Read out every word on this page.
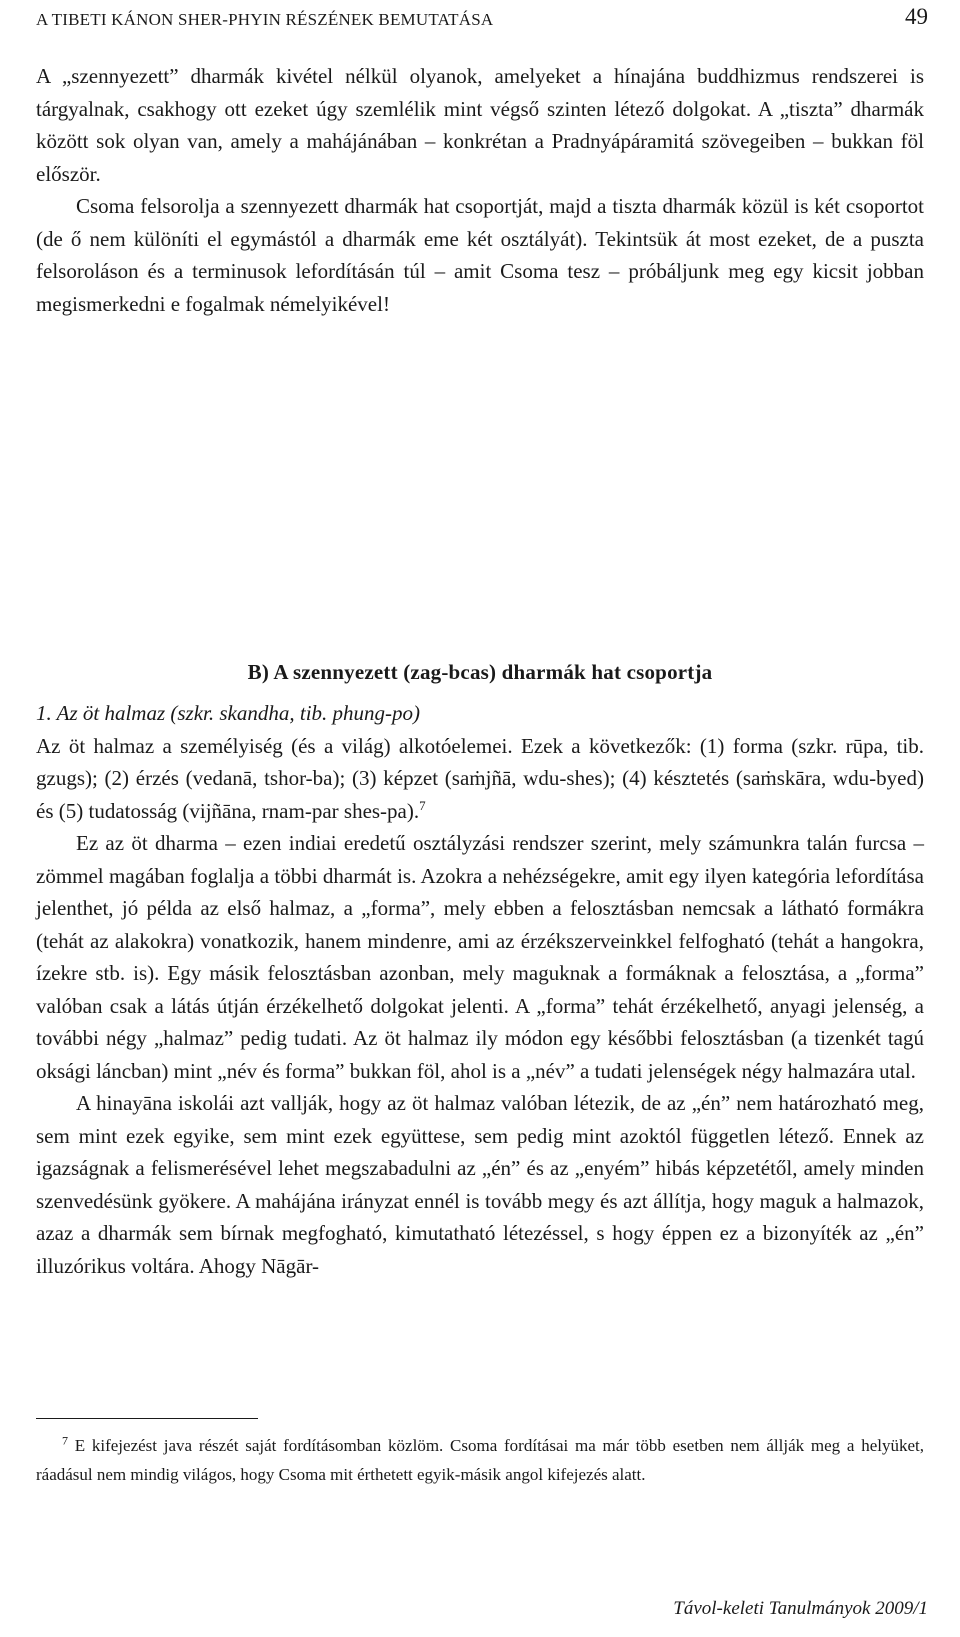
A TIBETI KÁNON SHER-PHYIN RÉSZÉNEK BEMUTATÁSA	49

A „szennyezett” dharmák kivétel nélkül olyanok, amelyeket a hínajána buddhizmus rendszerei is tárgyalnak, csakhogy ott ezeket úgy szemlélik mint végső szinten létező dolgokat. A „tiszta” dharmák között sok olyan van, amely a mahájánában – konkrétan a Pradnyápáramitá szövegeiben – bukkan föl először.

Csoma felsorolja a szennyezett dharmák hat csoportját, majd a tiszta dharmák közül is két csoportot (de ő nem különíti el egymástól a dharmák eme két osztályát). Tekintsük át most ezeket, de a puszta felsoroláson és a terminusok lefordításán túl – amit Csoma tesz – próbáljunk meg egy kicsit jobban megismerkedni e fogalmak némelyikével!

B) A szennyezett (zag-bcas) dharmák hat csoportja

1. Az öt halmaz (szkr. skandha, tib. phung-po)

Az öt halmaz a személyiség (és a világ) alkotóelemei. Ezek a következők: (1) forma (szkr. rūpa, tib. gzugs); (2) érzés (vedanā, tshor-ba); (3) képzet (saṁjñā, wdu-shes); (4) késztetés (saṁskāra, wdu-byed) és (5) tudatosság (vijñāna, rnam-par shes-pa).$^7$

Ez az öt dharma – ezen indiai eredetű osztályzási rendszer szerint, mely számunkra talán furcsa – zömmel magában foglalja a többi dharmát is. Azokra a nehézségekre, amit egy ilyen kategória lefordítása jelenthet, jó példa az első halmaz, a „forma”, mely ebben a felosztásban nemcsak a látható formákra (tehát az alakokra) vonatkozik, hanem mindenre, ami az érzékszerveinkkel felfogható (tehát a hangokra, ízekre stb. is). Egy másik felosztásban azonban, mely maguknak a formáknak a felosztása, a „forma” valóban csak a látás útján érzékelhető dolgokat jelenti. A „forma” tehát érzékelhető, anyagi jelenség, a további négy „halmaz” pedig tudati. Az öt halmaz ily módon egy későbbi felosztásban (a tizenkét tagú oksági láncban) mint „név és forma” bukkan föl, ahol is a „név” a tudati jelenségek négy halmazára utal.

A hinayāna iskolái azt vallják, hogy az öt halmaz valóban létezik, de az „én” nem határozható meg, sem mint ezek egyike, sem mint ezek együttese, sem pedig mint azoktól független létező. Ennek az igazságnak a felismerésével lehet megszabadulni az „én” és az „enyém” hibás képzetétől, amely minden szenvedésünk gyökere. A mahájána irányzat ennél is tovább megy és azt állítja, hogy maguk a halmazok, azaz a dharmák sem bírnak megfogható, kimutatható létezéssel, s hogy éppen ez a bizonyíték az „én” illuzórikus voltára. Ahogy Nāgār-

$^7$ E kifejezést java részét saját fordításomban közlöm. Csoma fordításai ma már több esetben nem állják meg a helyüket, ráadásul nem mindig világos, hogy Csoma mit érthetett egyik-másik angol kifejezés alatt.

Távol-keleti Tanulmányok 2009/1
